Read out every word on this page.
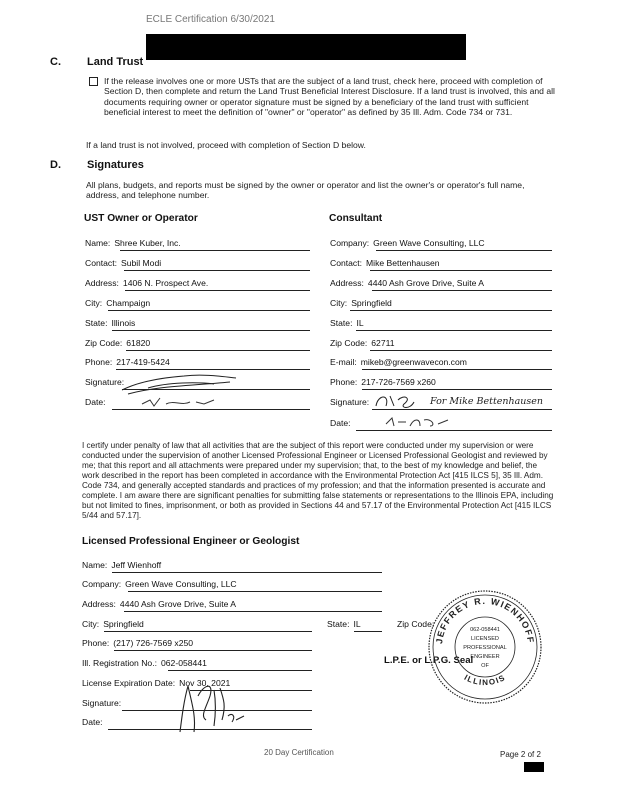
ECLE Certification 6/30/2021
C. Land Trust
If the release involves one or more USTs that are the subject of a land trust, check here, proceed with completion of Section D, then complete and return the Land Trust Beneficial Interest Disclosure. If a land trust is involved, this and all documents requiring owner or operator signature must be signed by a beneficiary of the land trust with sufficient beneficial interest to meet the definition of "owner" or "operator" as defined by 35 Ill. Adm. Code 734 or 731.
If a land trust is not involved, proceed with completion of Section D below.
D. Signatures
All plans, budgets, and reports must be signed by the owner or operator and list the owner's or operator's full name, address, and telephone number.
UST Owner or Operator
Name: Shree Kuber, Inc.
Contact: Subil Modi
Address: 1406 N. Prospect Ave.
City: Champaign
State: Illinois
Zip Code: 61820
Phone: 217-419-5424
Signature:
Date:
Consultant
Company: Green Wave Consulting, LLC
Contact: Mike Bettenhausen
Address: 4440 Ash Grove Drive, Suite A
City: Springfield
State: IL
Zip Code: 62711
E-mail: mikeb@greenwavecon.com
Phone: 217-726-7569 x260
Signature:	For Mike Bettenhausen
Date:
I certify under penalty of law that all activities that are the subject of this report were conducted under my supervision or were conducted under the supervision of another Licensed Professional Engineer or Licensed Professional Geologist and reviewed by me; that this report and all attachments were prepared under my supervision; that, to the best of my knowledge and belief, the work described in the report has been completed in accordance with the Environmental Protection Act [415 ILCS 5], 35 Ill. Adm. Code 734, and generally accepted standards and practices of my profession; and that the information presented is accurate and complete. I am aware there are significant penalties for submitting false statements or representations to the Illinois EPA, including but not limited to fines, imprisonment, or both as provided in Sections 44 and 57.17 of the Environmental Protection Act [415 ILCS 5/44 and 57.17].
Licensed Professional Engineer or Geologist
Name: Jeff Wienhoff
Company: Green Wave Consulting, LLC
Address: 4440 Ash Grove Drive, Suite A
City: Springfield	State: IL	Zip Code:
Phone: (217) 726-7569 x250
Ill. Registration No.: 062-058441
License Expiration Date: Nov 30, 2021
Signature:
Date:
L.P.E. or L.P.G. Seal
JEFFREY R. WIENHOFF
ILLINOIS
062-058441
LICENSED
PROFESSIONAL
ENGINEER
OF
20 Day Certification	Page 2 of 2
